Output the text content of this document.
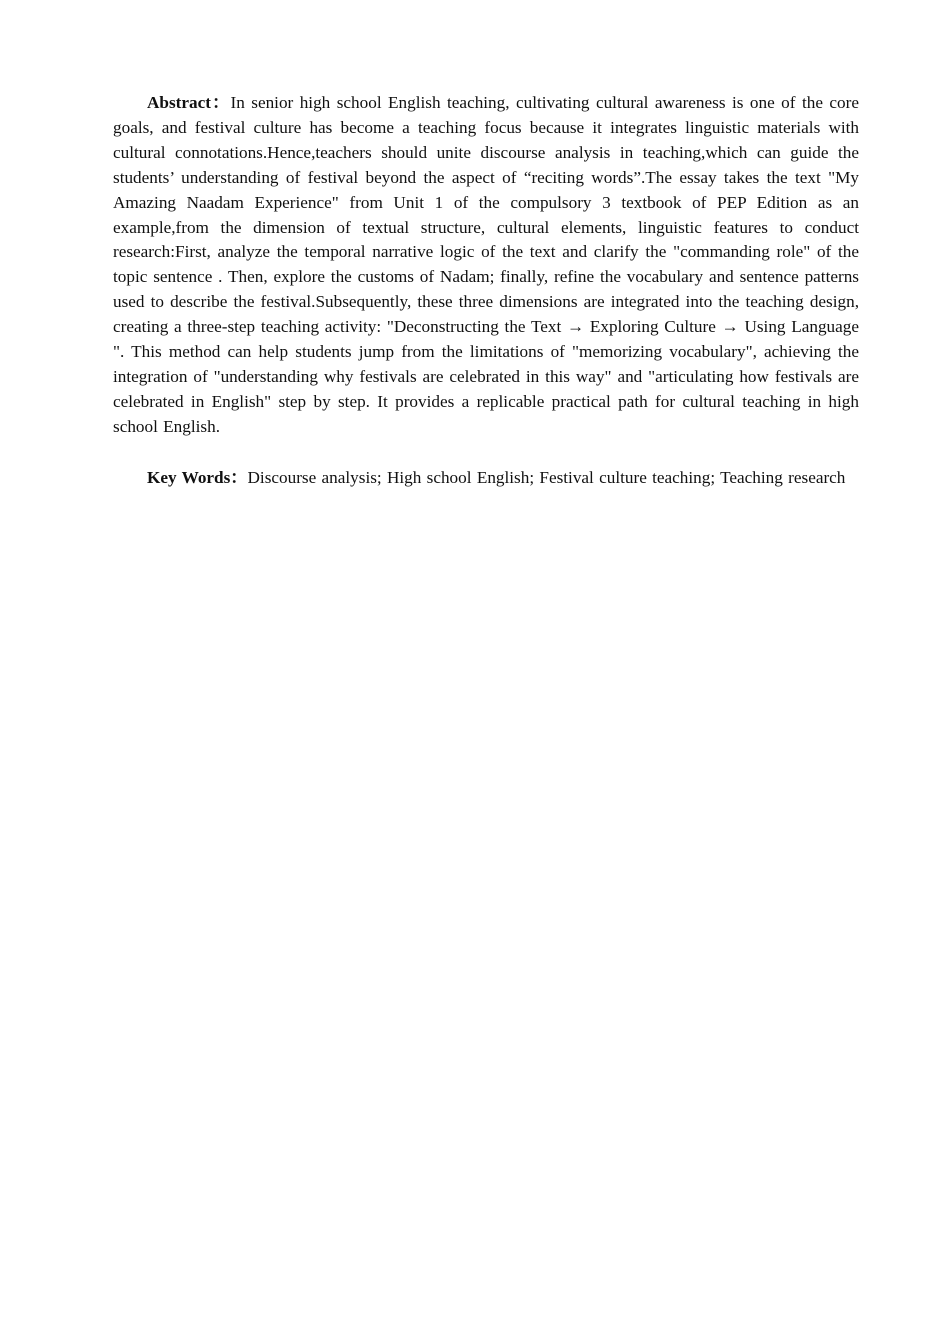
Abstract：In senior high school English teaching, cultivating cultural awareness is one of the core goals, and festival culture has become a teaching focus because it integrates linguistic materials with cultural connotations.Hence,teachers should unite discourse analysis in teaching,which can guide the students’ understanding of festival beyond the aspect of “reciting words”.The essay takes the text "My Amazing Naadam Experience" from Unit 1 of the compulsory 3 textbook of PEP Edition as an example,from the dimension of textual structure, cultural elements, linguistic features to conduct research:First, analyze the temporal narrative logic of the text and clarify the "commanding role" of the topic sentence . Then, explore the customs of Nadam; finally, refine the vocabulary and sentence patterns used to describe the festival.Subsequently, these three dimensions are integrated into the teaching design, creating a three-step teaching activity: "Deconstructing the Text → Exploring Culture → Using Language ". This method can help students jump from the limitations of "memorizing vocabulary", achieving the integration of "understanding why festivals are celebrated in this way" and "articulating how festivals are celebrated in English" step by step. It provides a replicable practical path for cultural teaching in high school English.

Key Words：Discourse analysis; High school English; Festival culture teaching; Teaching research
